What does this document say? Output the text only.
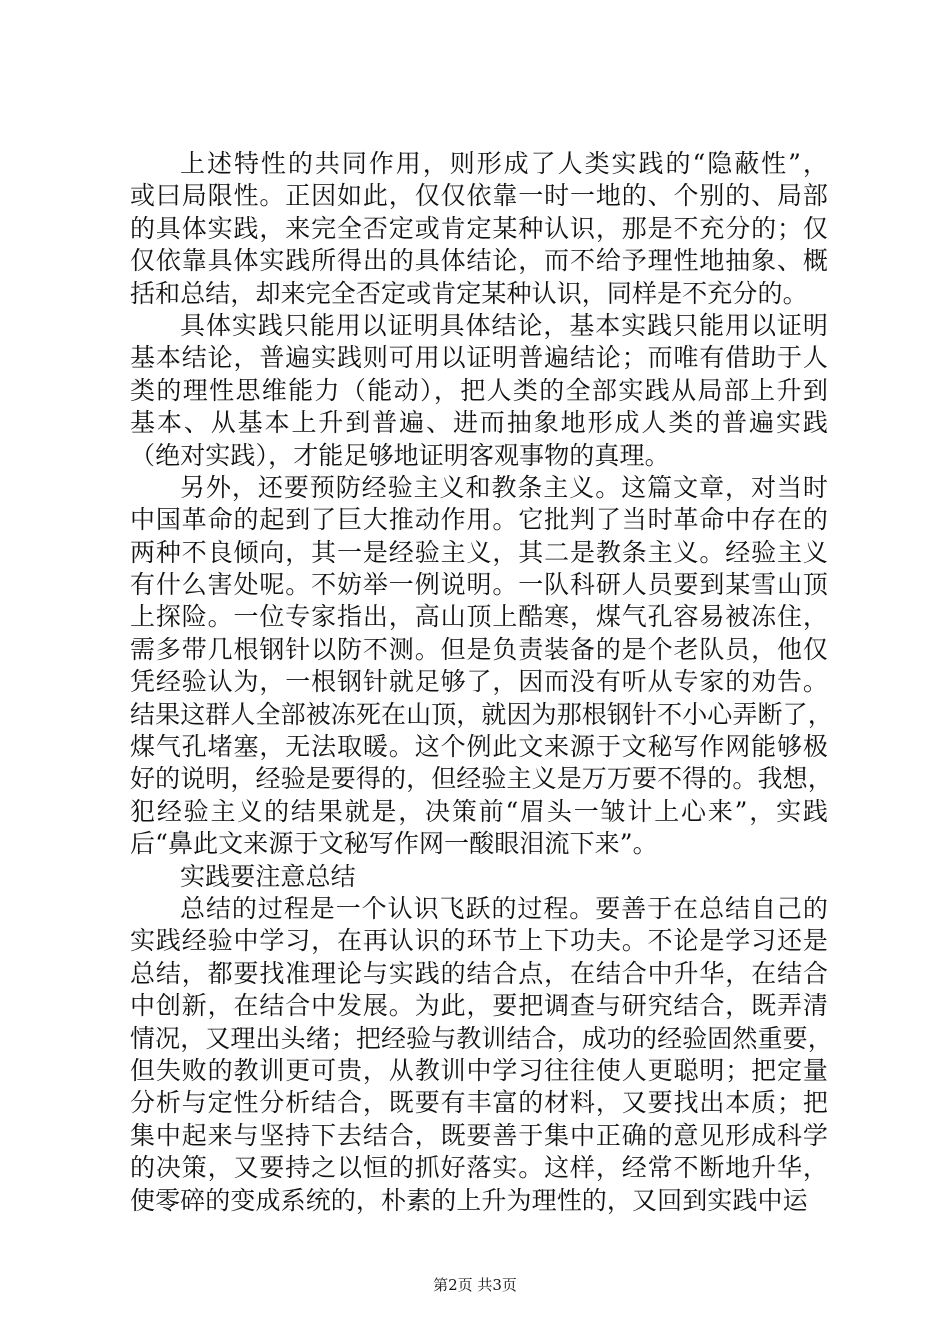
上述特性的共同作用，则形成了人类实践的“隐蔽性”，
或曰局限性。正因如此，仅仅依靠一时一地的、个别的、局部
的具体实践，来完全否定或肯定某种认识，那是不充分的；仅
仅依靠具体实践所得出的具体结论，而不给予理性地抽象、概
括和总结，却来完全否定或肯定某种认识，同样是不充分的。
具体实践只能用以证明具体结论，基本实践只能用以证明
基本结论，普遍实践则可用以证明普遍结论；而唯有借助于人
类的理性思维能力（能动），把人类的全部实践从局部上升到
基本、从基本上升到普遍、进而抽象地形成人类的普遍实践
（绝对实践），才能足够地证明客观事物的真理。
另外，还要预防经验主义和教条主义。这篇文章，对当时
中国革命的起到了巨大推动作用。它批判了当时革命中存在的
两种不良倾向，其一是经验主义，其二是教条主义。经验主义
有什么害处呢。不妨举一例说明。一队科研人员要到某雪山顶
上探险。一位专家指出，高山顶上酷寒，煤气孔容易被冻住，
需多带几根钢针以防不测。但是负责装备的是个老队员，他仅
凭经验认为，一根钢针就足够了，因而没有听从专家的劝告。
结果这群人全部被冻死在山顶，就因为那根钢针不小心弄断了，
煤气孔堵塞，无法取暖。这个例此文来源于文秘写作网能够极
好的说明，经验是要得的，但经验主义是万万要不得的。我想，
犯经验主义的结果就是，决策前“眉头一皱计上心来”，实践
后“鼻此文来源于文秘写作网一酸眼泪流下来”。
实践要注意总结
总结的过程是一个认识飞跃的过程。要善于在总结自己的
实践经验中学习，在再认识的环节上下功夫。不论是学习还是
总结，都要找准理论与实践的结合点，在结合中升华，在结合
中创新，在结合中发展。为此，要把调查与研究结合，既弄清
情况，又理出头绪；把经验与教训结合，成功的经验固然重要，
但失败的教训更可贵，从教训中学习往往使人更聪明；把定量
分析与定性分析结合，既要有丰富的材料，又要找出本质；把
集中起来与坚持下去结合，既要善于集中正确的意见形成科学
的决策，又要持之以恒的抓好落实。这样，经常不断地升华，
使零碎的变成系统的，朴素的上升为理性的，又回到实践中运
第2页 共3页
